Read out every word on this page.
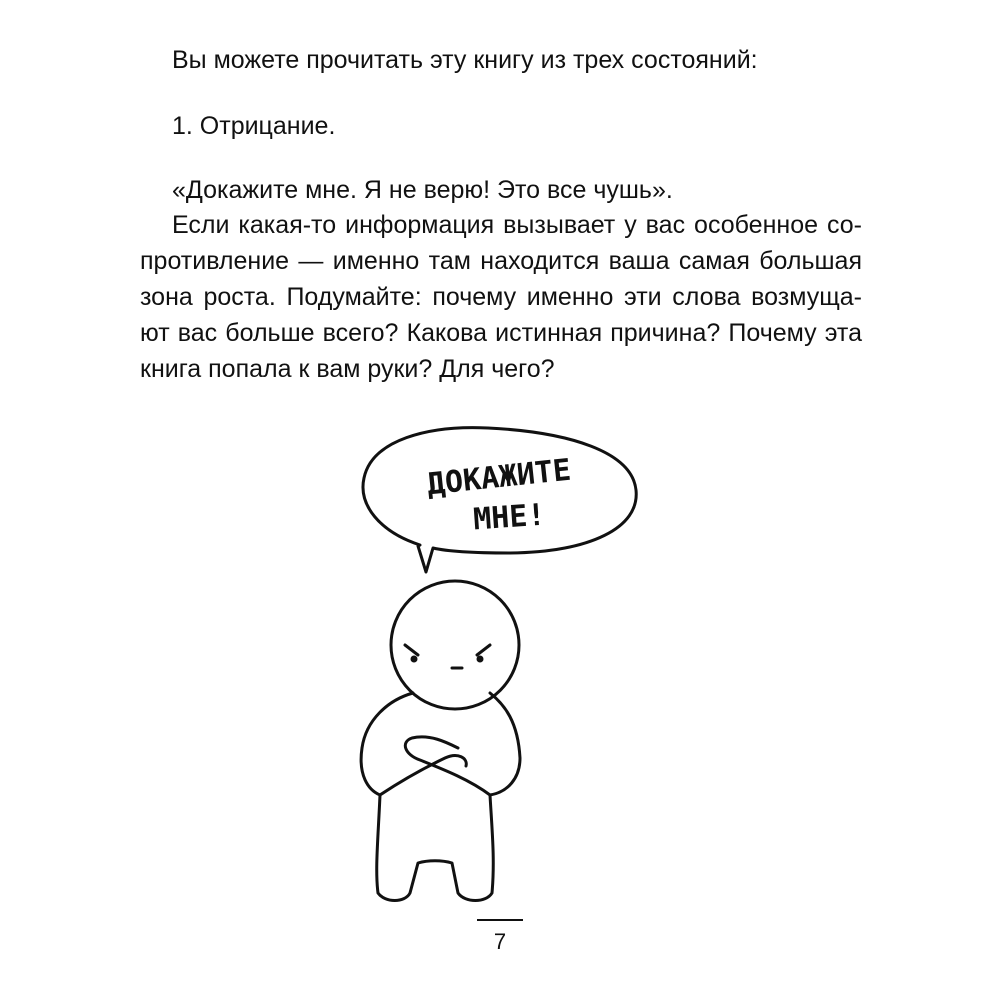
Вы можете прочитать эту книгу из трех состояний:
1. Отрицание.
«Докажите мне. Я не верю! Это все чушь».
Если какая-то информация вызывает у вас особенное со-противление — именно там находится ваша самая большая зона роста. Подумайте: почему именно эти слова возмуща-ют вас больше всего? Какова истинная причина? Почему эта книга попала к вам руки? Для чего?
ДОКАЖИТЕ
МНЕ!
7
